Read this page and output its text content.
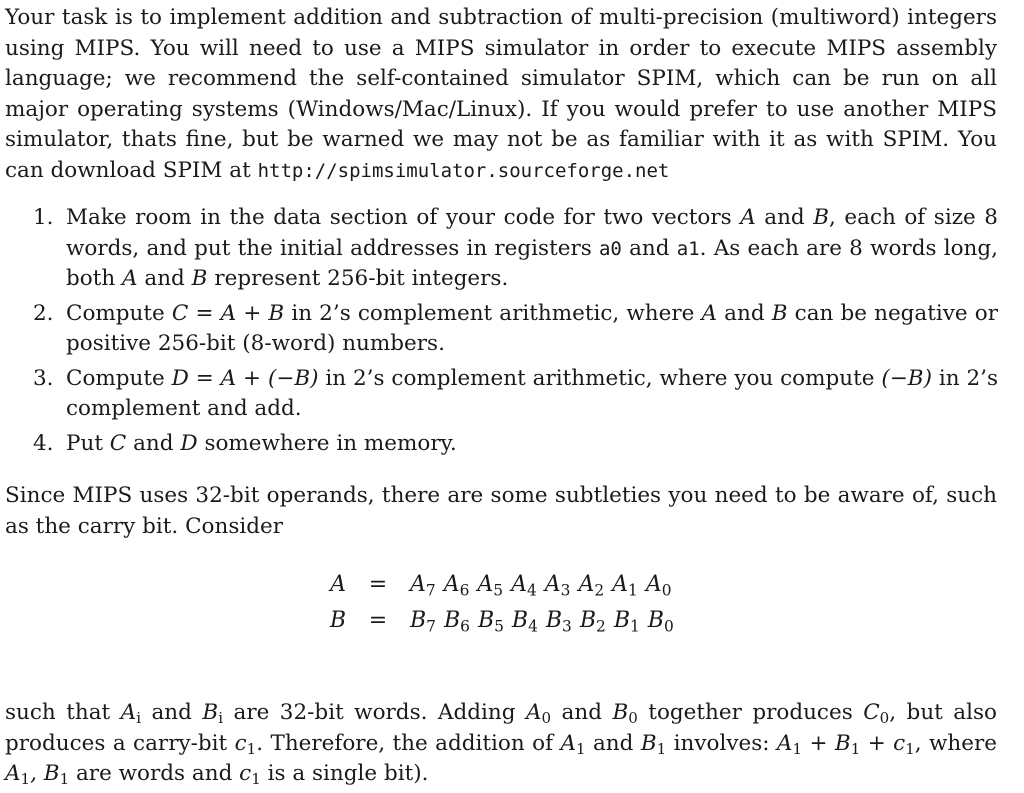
Your task is to implement addition and subtraction of multi-precision (multiword) integers using MIPS. You will need to use a MIPS simulator in order to execute MIPS assembly language; we recommend the self-contained simulator SPIM, which can be run on all major operating systems (Windows/Mac/Linux). If you would prefer to use another MIPS simulator, thats fine, but be warned we may not be as familiar with it as with SPIM. You can download SPIM at http://spimsimulator.sourceforge.net

1. Make room in the data section of your code for two vectors A and B, each of size 8 words, and put the initial addresses in registers a0 and a1. As each are 8 words long, both A and B represent 256-bit integers.
2. Compute C = A + B in 2’s complement arithmetic, where A and B can be negative or positive 256-bit (8-word) numbers.
3. Compute D = A + (−B) in 2’s complement arithmetic, where you compute (−B) in 2’s complement and add.
4. Put C and D somewhere in memory.

Since MIPS uses 32-bit operands, there are some subtleties you need to be aware of, such as the carry bit. Consider

A	=	$A_7$ $A_6$ $A_5$ $A_4$ $A_3$ $A_2$ $A_1$ $A_0$
B	=	$B_7$ $B_6$ $B_5$ $B_4$ $B_3$ $B_2$ $B_1$ $B_0$

such that $A_i$ and $B_i$ are 32-bit words. Adding $A_0$ and $B_0$ together produces $C_0$, but also produces a carry-bit $c_1$. Therefore, the addition of $A_1$ and $B_1$ involves: $A_1 + B_1 + c_1$, where $A_1$, $B_1$ are words and $c_1$ is a single bit).
